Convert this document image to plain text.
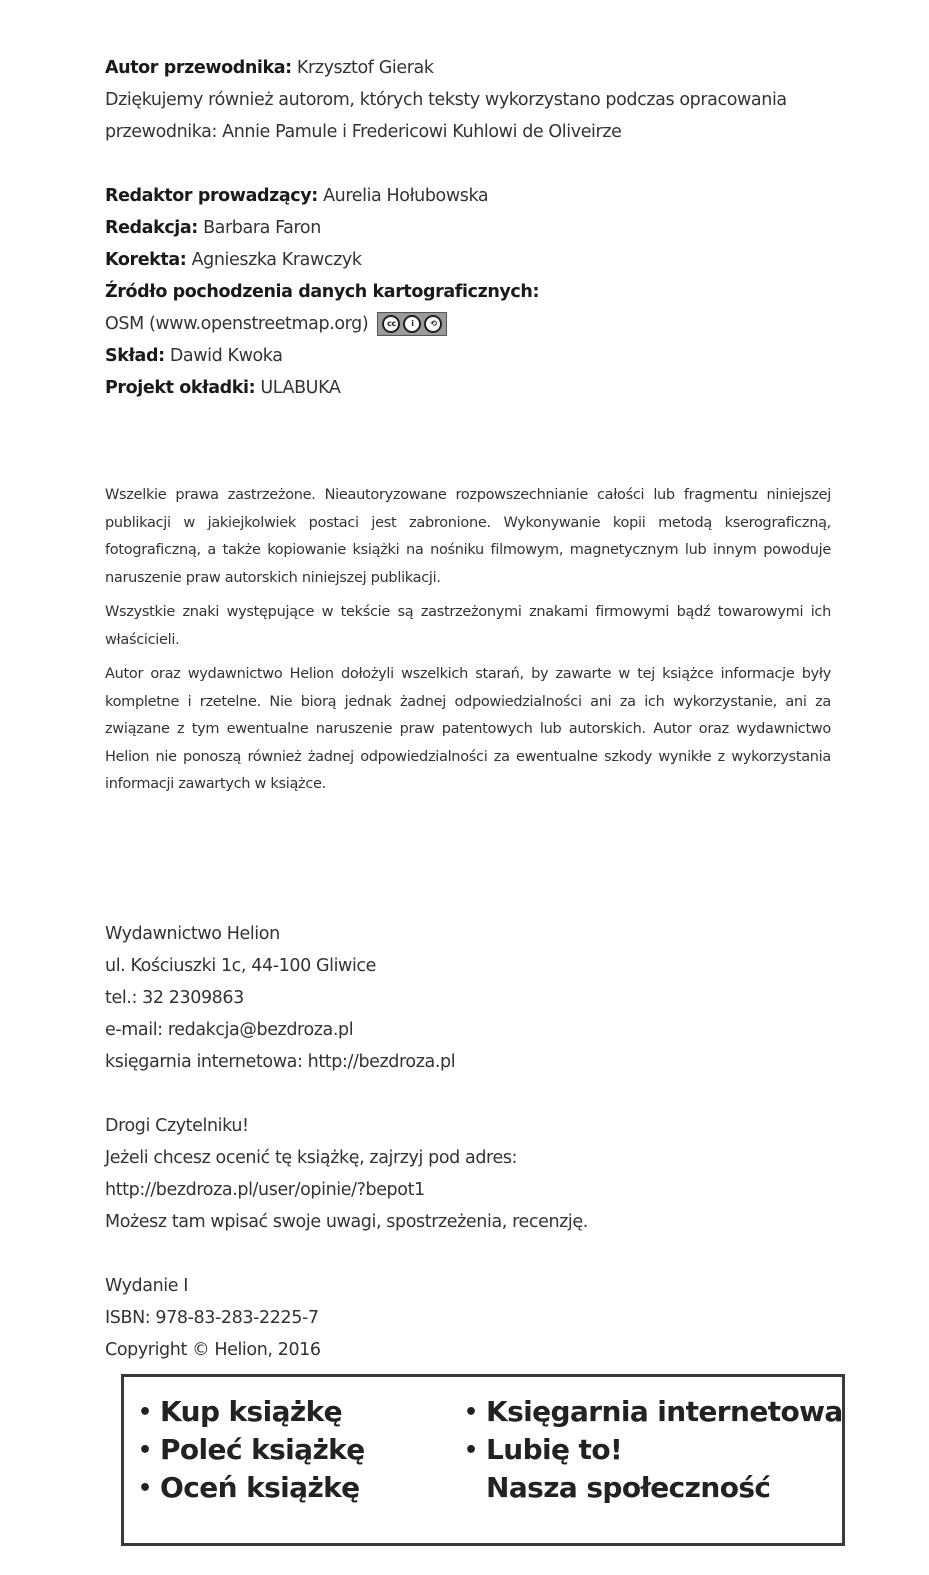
Autor przewodnika: Krzysztof Gierak
Dziękujemy również autorom, których teksty wykorzystano podczas opracowania
przewodnika: Annie Pamule i Fredericowi Kuhlowi de Oliveirze
Redaktor prowadzący: Aurelia Hołubowska
Redakcja: Barbara Faron
Korekta: Agnieszka Krawczyk
Źródło pochodzenia danych kartograficznych:
OSM (www.openstreetmap.org)	cc	i	⟲
Skład: Dawid Kwoka
Projekt okładki: ULABUKA

Wszelkie prawa zastrzeżone. Nieautoryzowane rozpowszechnianie całości lub fragmentu niniejszej publikacji w jakiejkolwiek postaci jest zabronione. Wykonywanie kopii metodą kserograficzną, fotograficzną, a także kopiowanie książki na nośniku filmowym, magnetycznym lub innym powoduje naruszenie praw autorskich niniejszej publikacji.

Wszystkie znaki występujące w tekście są zastrzeżonymi znakami firmowymi bądź towarowymi ich właścicieli.

Autor oraz wydawnictwo Helion dołożyli wszelkich starań, by zawarte w tej książce informacje były kompletne i rzetelne. Nie biorą jednak żadnej odpowiedzialności ani za ich wykorzystanie, ani za związane z tym ewentualne naruszenie praw patentowych lub autorskich. Autor oraz wydawnictwo Helion nie ponoszą również żadnej odpowiedzialności za ewentualne szkody wynikłe z wykorzystania informacji zawartych w książce.

Wydawnictwo Helion
ul. Kościuszki 1c, 44-100 Gliwice
tel.: 32 2309863
e-mail: redakcja@bezdroza.pl
księgarnia internetowa: http://bezdroza.pl
Drogi Czytelniku!
Jeżeli chcesz ocenić tę książkę, zajrzyj pod adres:
http://bezdroza.pl/user/opinie/?bepot1
Możesz tam wpisać swoje uwagi, spostrzeżenia, recenzję.
Wydanie I
ISBN: 978-83-283-2225-7
Copyright © Helion, 2016
• Kup książkę
• Poleć książkę
• Oceń książkę
• Księgarnia internetowa
• Lubię to!
Nasza społeczność
